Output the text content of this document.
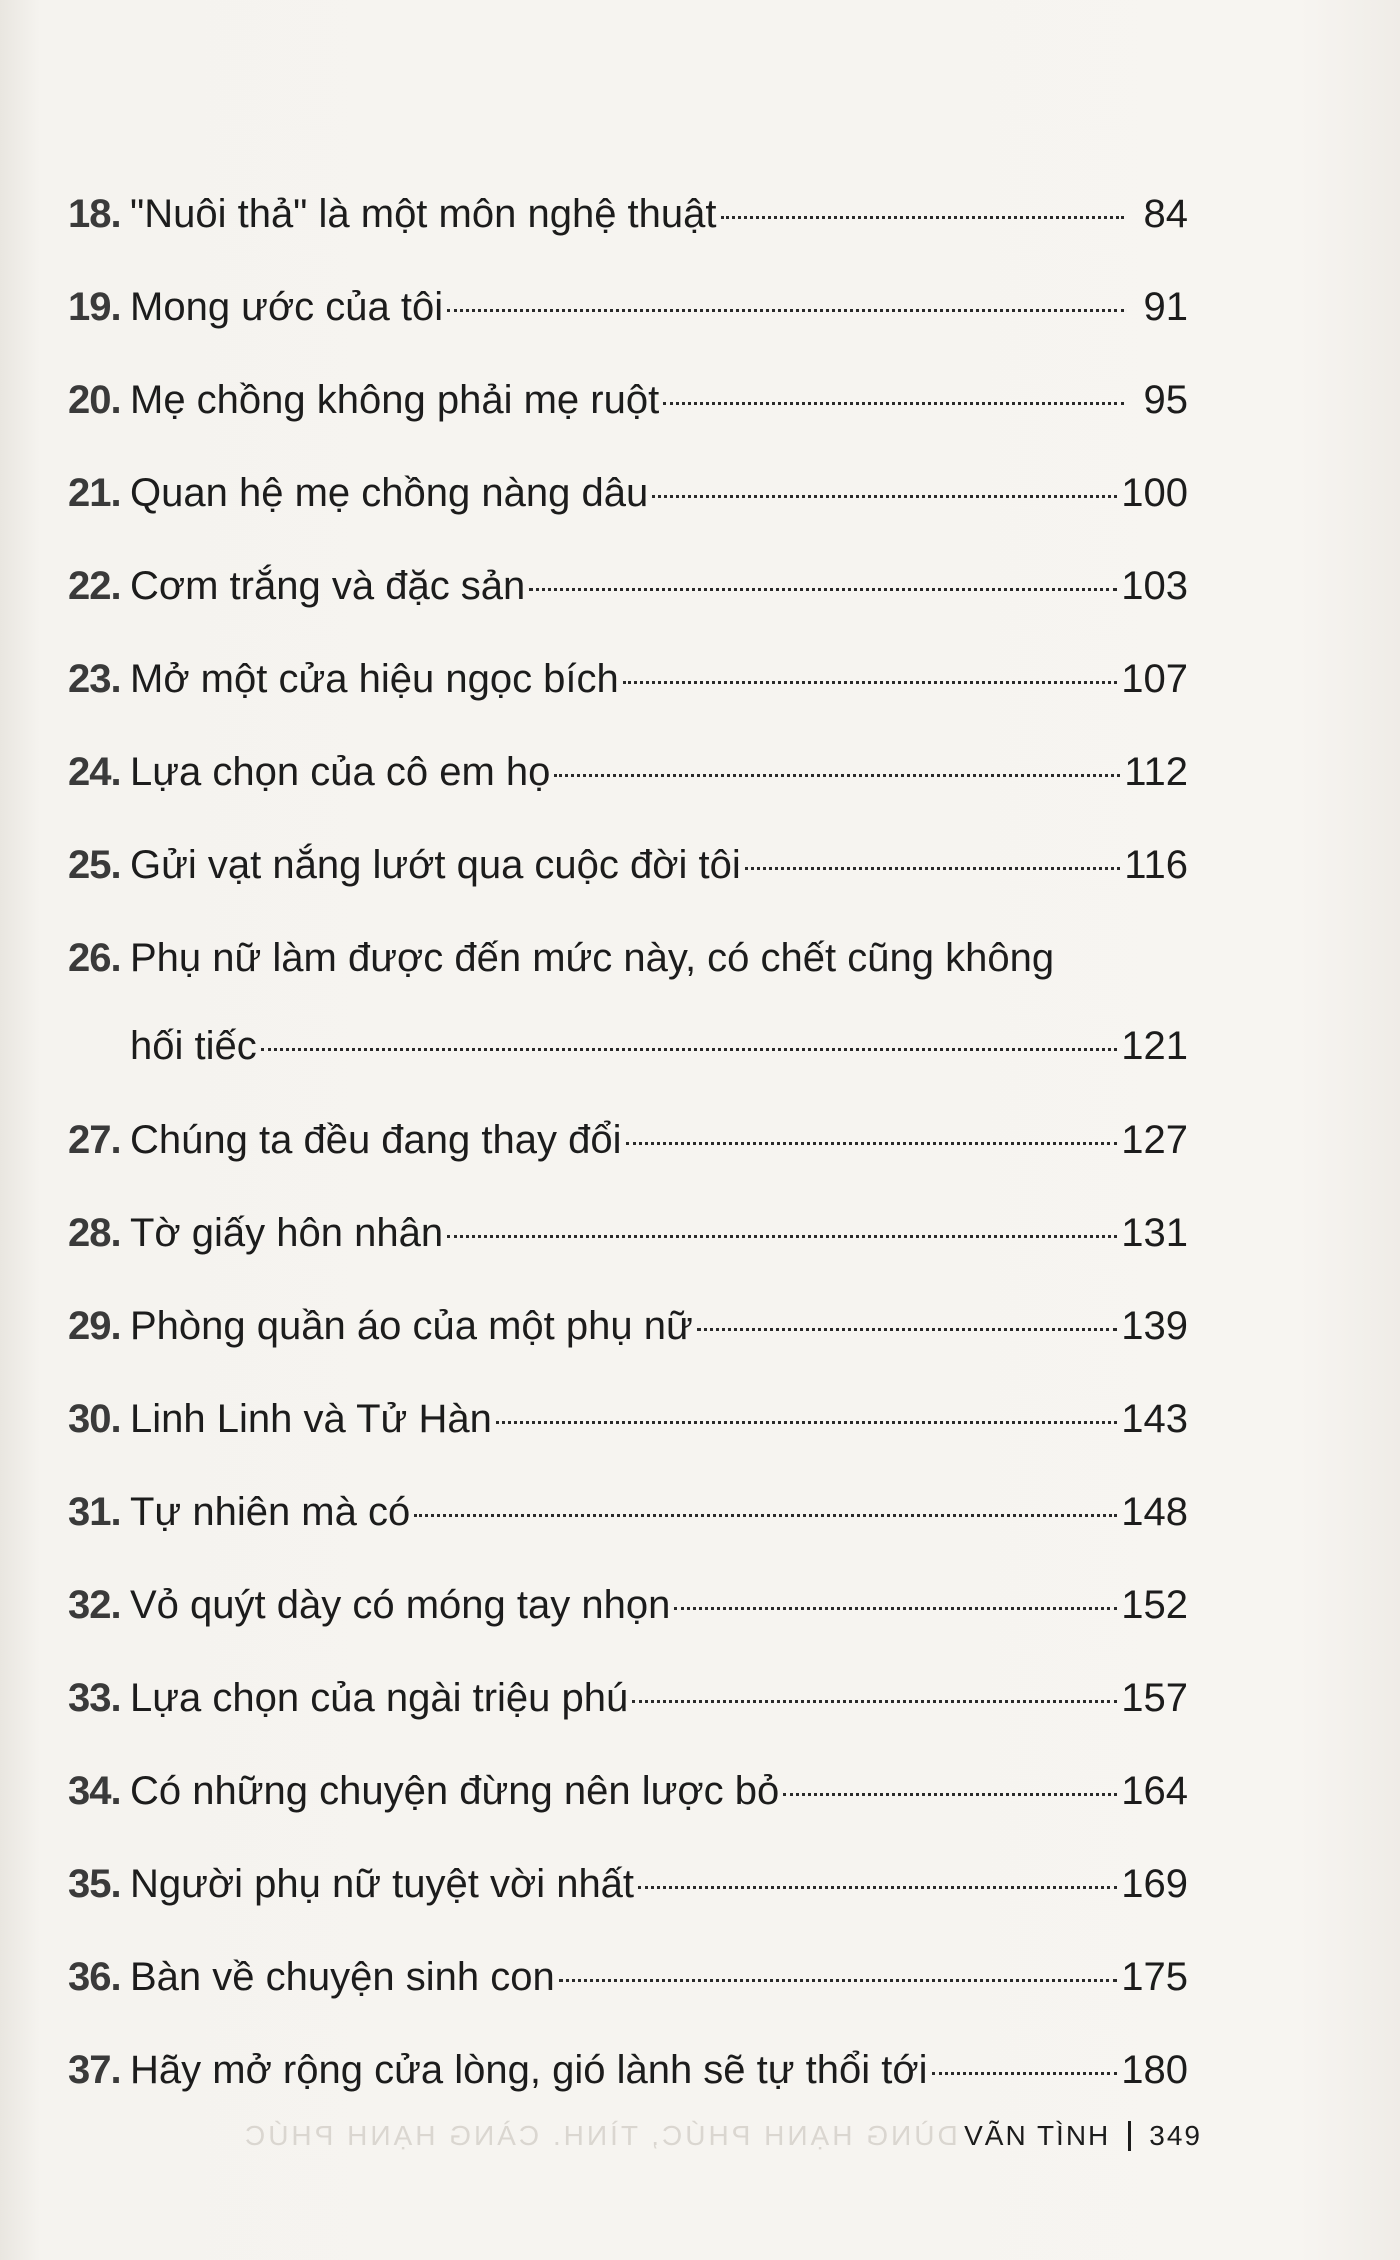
18. "Nuôi thả" là một môn nghệ thuật	84
19. Mong ước của tôi	91
20. Mẹ chồng không phải mẹ ruột	95
21. Quan hệ mẹ chồng nàng dâu	100
22. Cơm trắng và đặc sản	103
23. Mở một cửa hiệu ngọc bích	107
24. Lựa chọn của cô em họ	112
25. Gửi vạt nắng lướt qua cuộc đời tôi	116
26. Phụ nữ làm được đến mức này, có chết cũng không
hối tiếc	121
27. Chúng ta đều đang thay đổi	127
28. Tờ giấy hôn nhân	131
29. Phòng quần áo của một phụ nữ	139
30. Linh Linh và Tử Hàn	143
31. Tự nhiên mà có	148
32. Vỏ quýt dày có móng tay nhọn	152
33. Lựa chọn của ngài triệu phú	157
34. Có những chuyện đừng nên lược bỏ	164
35. Người phụ nữ tuyệt vời nhất	169
36. Bàn về chuyện sinh con	175
37. Hãy mở rộng cửa lòng, gió lành sẽ tự thổi tới	180
DÙNG HẠNH PHÚC, TÌNH. CÀNG HẠNH PHÚC VÃN TÌNH 349
